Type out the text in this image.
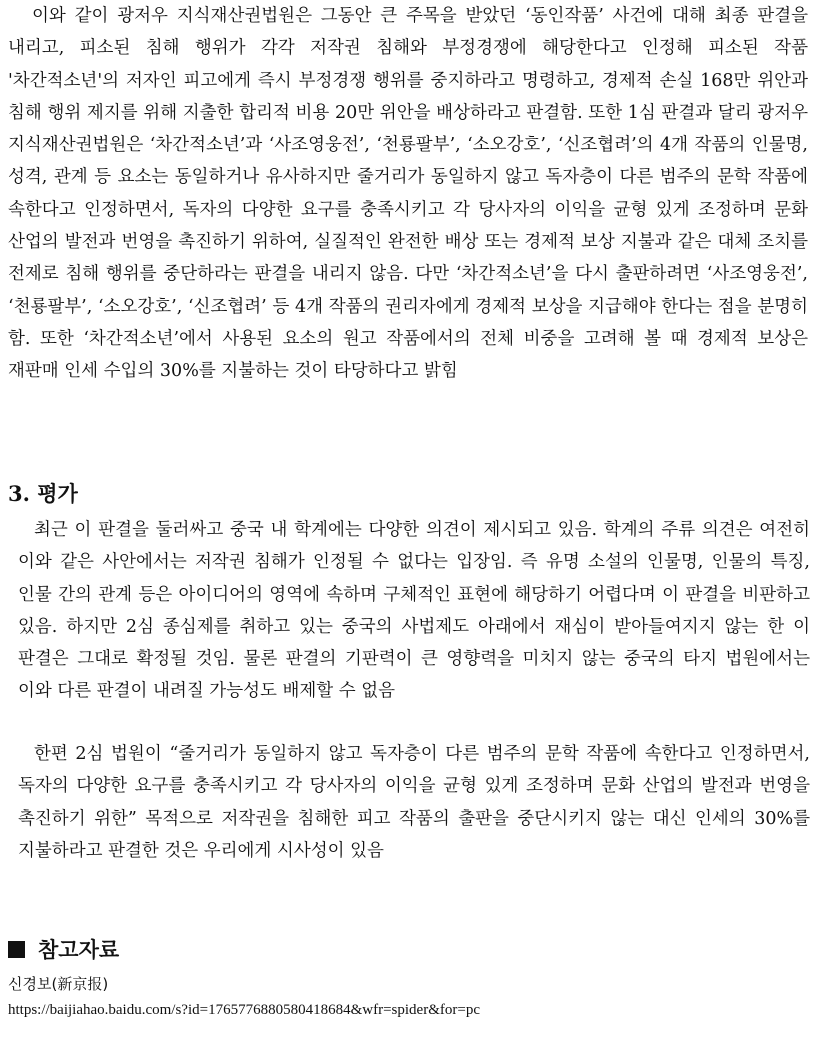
이와 같이 광저우 지식재산권법원은 그동안 큰 주목을 받았던 ‘동인작품’ 사건에 대해 최종 판결을 내리고, 피소된 침해 행위가 각각 저작권 침해와 부정경쟁에 해당한다고 인정해 피소된 작품 '차간적소년'의 저자인 피고에게 즉시 부정경쟁 행위를 중지하라고 명령하고, 경제적 손실 168만 위안과 침해 행위 제지를 위해 지출한 합리적 비용 20만 위안을 배상하라고 판결함. 또한 1심 판결과 달리 광저우 지식재산권법원은 ‘차간적소년’과 ‘사조영웅전’, ‘천룡팔부’, ‘소오강호’, ‘신조협려’의 4개 작품의 인물명, 성격, 관계 등 요소는 동일하거나 유사하지만 줄거리가 동일하지 않고 독자층이 다른 범주의 문학 작품에 속한다고 인정하면서, 독자의 다양한 요구를 충족시키고 각 당사자의 이익을 균형 있게 조정하며 문화 산업의 발전과 번영을 촉진하기 위하여, 실질적인 완전한 배상 또는 경제적 보상 지불과 같은 대체 조치를 전제로 침해 행위를 중단하라는 판결을 내리지 않음. 다만 ‘차간적소년’을 다시 출판하려면 ‘사조영웅전’, ‘천룡팔부’, ‘소오강호’, ‘신조협려’ 등 4개 작품의 권리자에게 경제적 보상을 지급해야 한다는 점을 분명히 함. 또한 ‘차간적소년’에서 사용된 요소의 원고 작품에서의 전체 비중을 고려해 볼 때 경제적 보상은 재판매 인세 수입의 30%를 지불하는 것이 타당하다고 밝힘

3. 평가

최근 이 판결을 둘러싸고 중국 내 학계에는 다양한 의견이 제시되고 있음. 학계의 주류 의견은 여전히 이와 같은 사안에서는 저작권 침해가 인정될 수 없다는 입장임. 즉 유명 소설의 인물명, 인물의 특징, 인물 간의 관계 등은 아이디어의 영역에 속하며 구체적인 표현에 해당하기 어렵다며 이 판결을 비판하고 있음. 하지만 2심 종심제를 취하고 있는 중국의 사법제도 아래에서 재심이 받아들여지지 않는 한 이 판결은 그대로 확정될 것임. 물론 판결의 기판력이 큰 영향력을 미치지 않는 중국의 타지 법원에서는 이와 다른 판결이 내려질 가능성도 배제할 수 없음

한편 2심 법원이 “줄거리가 동일하지 않고 독자층이 다른 범주의 문학 작품에 속한다고 인정하면서, 독자의 다양한 요구를 충족시키고 각 당사자의 이익을 균형 있게 조정하며 문화 산업의 발전과 번영을 촉진하기 위한” 목적으로 저작권을 침해한 피고 작품의 출판을 중단시키지 않는 대신 인세의 30%를 지불하라고 판결한 것은 우리에게 시사성이 있음

참고자료
신경보(新京报)
https://baijiahao.baidu.com/s?id=1765776880580418684&wfr=spider&for=pc
